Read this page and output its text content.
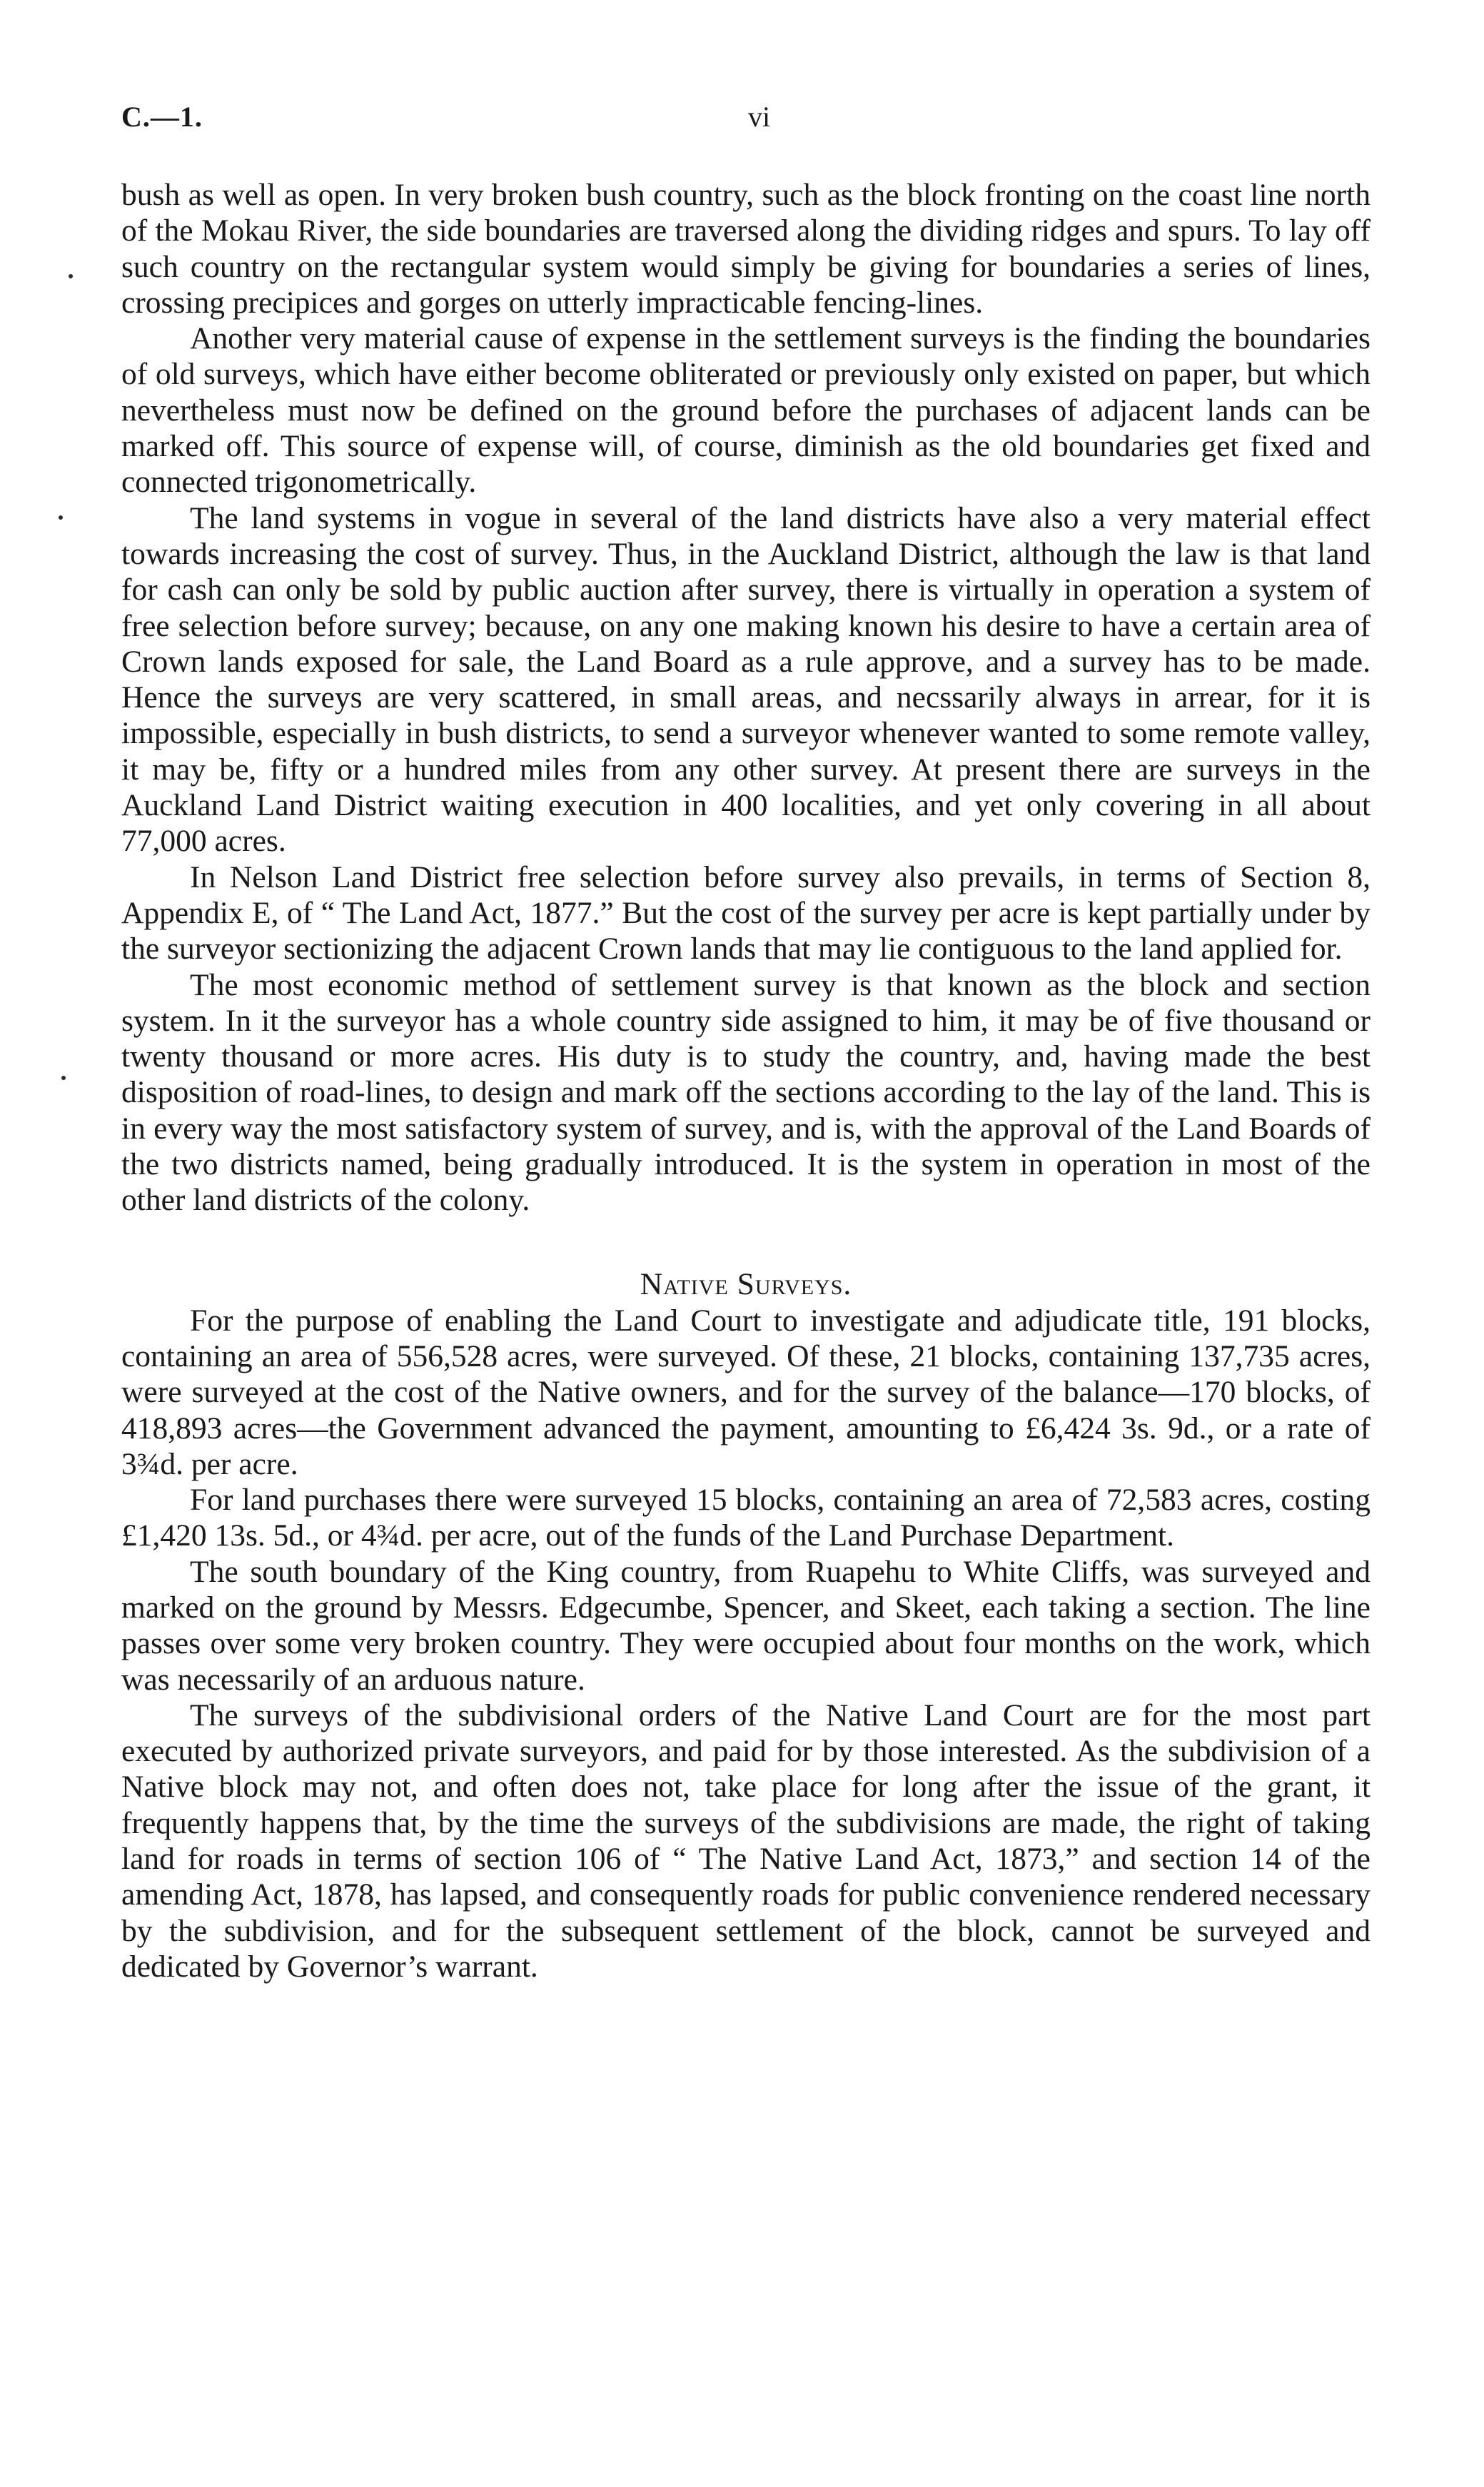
C.—1.	vi

bush as well as open. In very broken bush country, such as the block fronting on the coast line north of the Mokau River, the side boundaries are traversed along the dividing ridges and spurs. To lay off such country on the rectangular system would simply be giving for boundaries a series of lines, crossing precipices and gorges on utterly impracticable fencing-lines.

Another very material cause of expense in the settlement surveys is the finding the boundaries of old surveys, which have either become obliterated or previously only existed on paper, but which nevertheless must now be defined on the ground before the purchases of adjacent lands can be marked off. This source of expense will, of course, diminish as the old boundaries get fixed and connected trigonometrically.

The land systems in vogue in several of the land districts have also a very material effect towards increasing the cost of survey. Thus, in the Auckland District, although the law is that land for cash can only be sold by public auction after survey, there is virtually in operation a system of free selection before survey; because, on any one making known his desire to have a certain area of Crown lands exposed for sale, the Land Board as a rule approve, and a survey has to be made. Hence the surveys are very scattered, in small areas, and necssarily always in arrear, for it is impossible, especially in bush districts, to send a surveyor whenever wanted to some remote valley, it may be, fifty or a hundred miles from any other survey. At present there are surveys in the Auckland Land District waiting execution in 400 localities, and yet only covering in all about 77,000 acres.

In Nelson Land District free selection before survey also prevails, in terms of Section 8, Appendix E, of “ The Land Act, 1877.” But the cost of the survey per acre is kept partially under by the surveyor sectionizing the adjacent Crown lands that may lie contiguous to the land applied for.

The most economic method of settlement survey is that known as the block and section system. In it the surveyor has a whole country side assigned to him, it may be of five thousand or twenty thousand or more acres. His duty is to study the country, and, having made the best disposition of road-lines, to design and mark off the sections according to the lay of the land. This is in every way the most satisfactory system of survey, and is, with the approval of the Land Boards of the two districts named, being gradually introduced. It is the system in operation in most of the other land districts of the colony.

Native Surveys.

For the purpose of enabling the Land Court to investigate and adjudicate title, 191 blocks, containing an area of 556,528 acres, were surveyed. Of these, 21 blocks, containing 137,735 acres, were surveyed at the cost of the Native owners, and for the survey of the balance—170 blocks, of 418,893 acres—the Government advanced the payment, amounting to £6,424 3s. 9d., or a rate of 3¾d. per acre.

For land purchases there were surveyed 15 blocks, containing an area of 72,583 acres, costing £1,420 13s. 5d., or 4¾d. per acre, out of the funds of the Land Purchase Department.

The south boundary of the King country, from Ruapehu to White Cliffs, was surveyed and marked on the ground by Messrs. Edgecumbe, Spencer, and Skeet, each taking a section. The line passes over some very broken country. They were occupied about four months on the work, which was necessarily of an arduous nature.

The surveys of the subdivisional orders of the Native Land Court are for the most part executed by authorized private surveyors, and paid for by those interested. As the subdivision of a Native block may not, and often does not, take place for long after the issue of the grant, it frequently happens that, by the time the surveys of the subdivisions are made, the right of taking land for roads in terms of section 106 of “ The Native Land Act, 1873,” and section 14 of the amending Act, 1878, has lapsed, and consequently roads for public convenience rendered necessary by the subdivision, and for the subsequent settlement of the block, cannot be surveyed and dedicated by Governor’s warrant.
